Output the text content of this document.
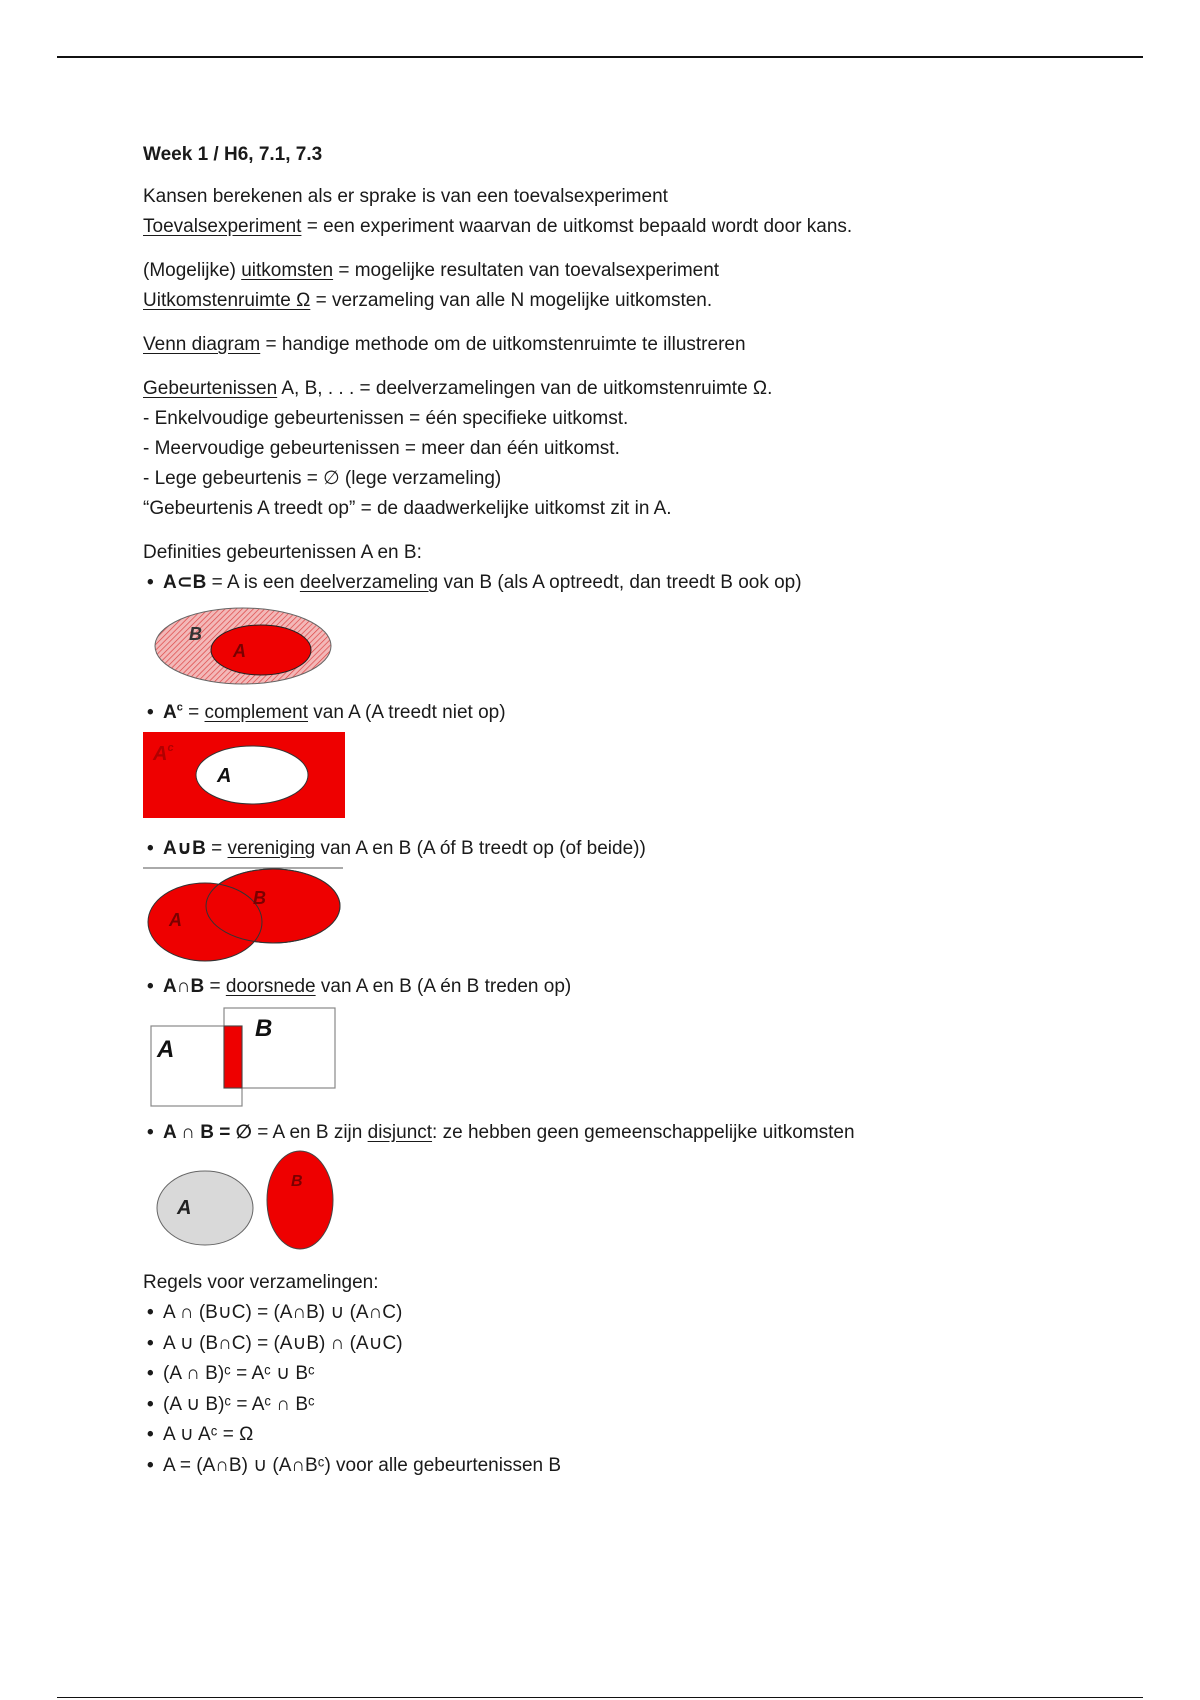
Week 1 / H6, 7.1, 7.3
Kansen berekenen als er sprake is van een toevalsexperiment
Toevalsexperiment = een experiment waarvan de uitkomst bepaald wordt door kans.
(Mogelijke) uitkomsten = mogelijke resultaten van toevalsexperiment
Uitkomstenruimte Ω = verzameling van alle N mogelijke uitkomsten.
Venn diagram = handige methode om de uitkomstenruimte te illustreren
Gebeurtenissen A, B, . . . = deelverzamelingen van de uitkomstenruimte Ω.
- Enkelvoudige gebeurtenissen = één specifieke uitkomst.
- Meervoudige gebeurtenissen = meer dan één uitkomst.
- Lege gebeurtenis = ∅ (lege verzameling)
“Gebeurtenis A treedt op” = de daadwerkelijke uitkomst zit in A.
Definities gebeurtenissen A en B:
• A⊂B = A is een deelverzameling van B (als A optreedt, dan treedt B ook op)
B
A
• $A^c$ = complement van A (A treedt niet op)
$A^c$
A
• A∪B = vereniging van A en B (A óf B treedt op (of beide))
A
B
• A∩B = doorsnede van A en B (A én B treden op)
A
B
• A ∩ B = ∅ = A en B zijn disjunct: ze hebben geen gemeenschappelijke uitkomsten
A
B
Regels voor verzamelingen:
• A ∩ (B∪C) = (A∩B) ∪ (A∩C)
• A ∪ (B∩C) = (A∪B) ∩ (A∪C)
• (A ∩ B)ᶜ = Aᶜ ∪ Bᶜ
• (A ∪ B)ᶜ = Aᶜ ∩ Bᶜ
• A ∪ Aᶜ = Ω
• A = (A∩B) ∪ (A∩Bᶜ) voor alle gebeurtenissen B
